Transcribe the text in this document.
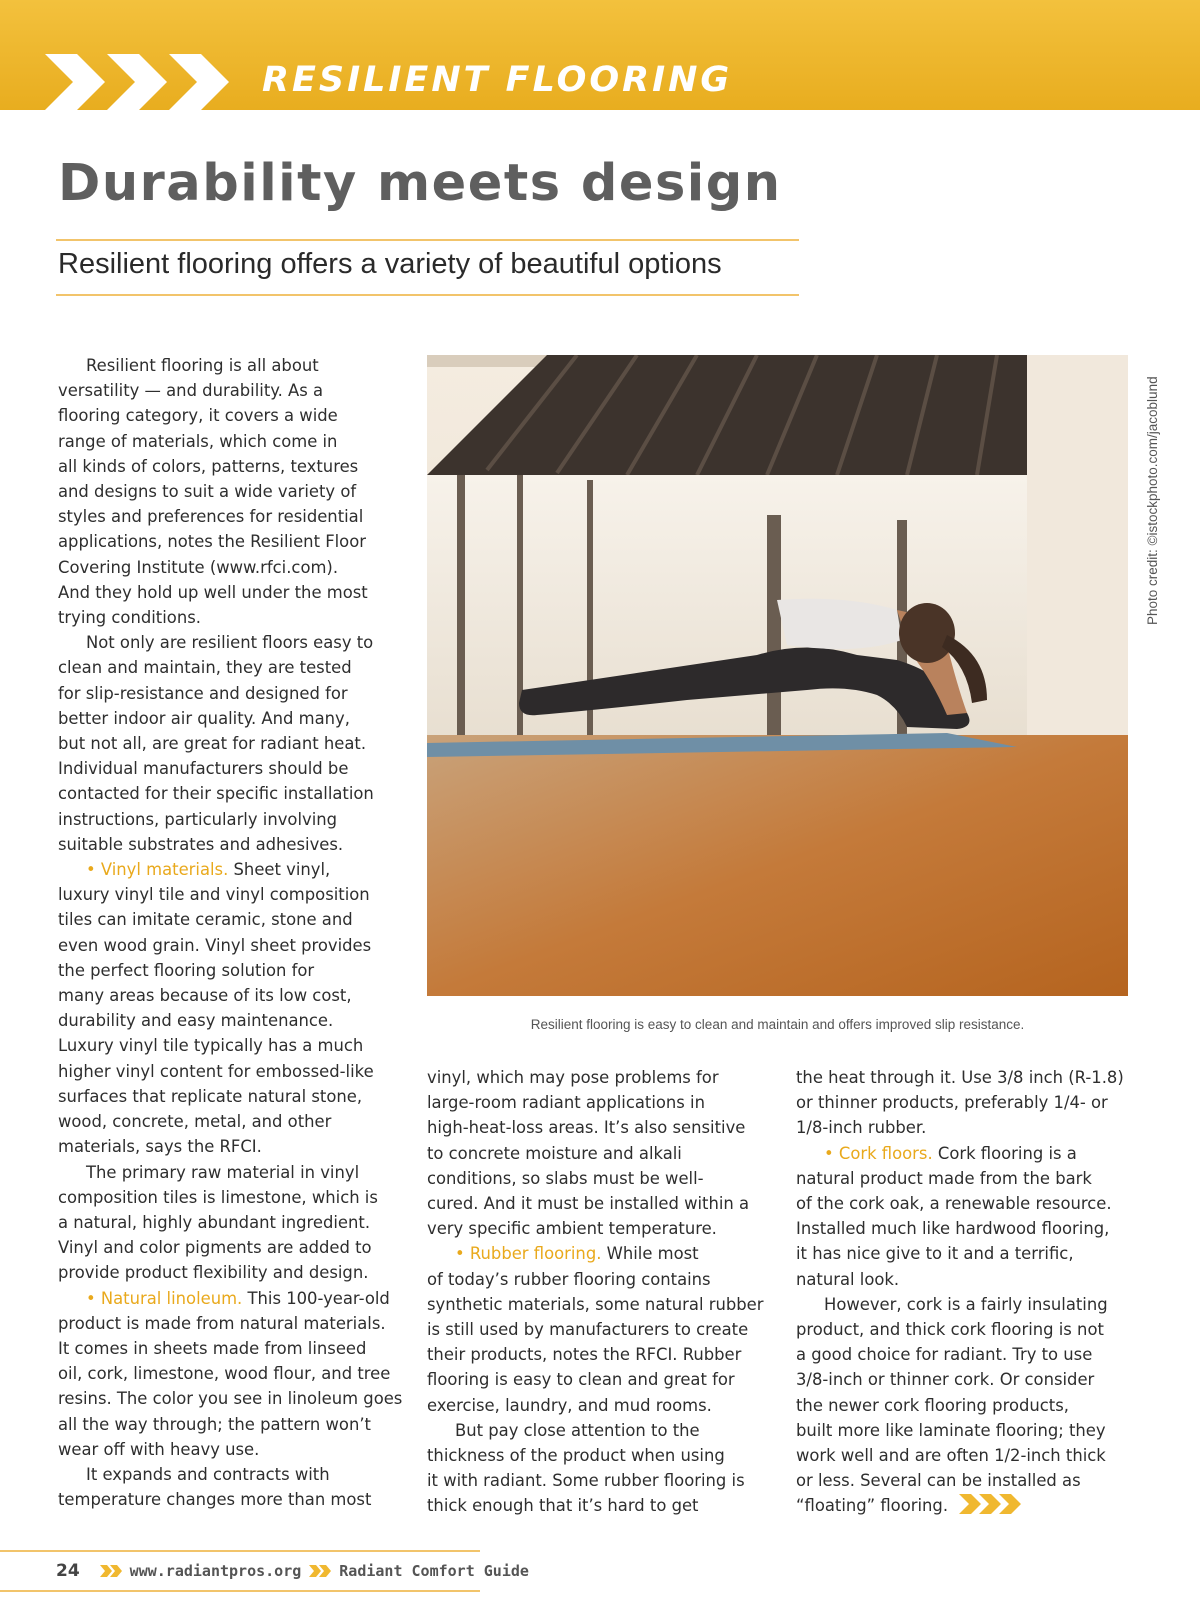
RESILIENT FLOORING
Durability meets design
Resilient flooring offers a variety of beautiful options
Resilient flooring is all about
versatility — and durability. As a
flooring category, it covers a wide
range of materials, which come in
all kinds of colors, patterns, textures
and designs to suit a wide variety of
styles and preferences for residential
applications, notes the Resilient Floor
Covering Institute (www.rfci.com).
And they hold up well under the most
trying conditions.
Not only are resilient floors easy to
clean and maintain, they are tested
for slip-resistance and designed for
better indoor air quality. And many,
but not all, are great for radiant heat.
Individual manufacturers should be
contacted for their specific installation
instructions, particularly involving
suitable substrates and adhesives.
• Vinyl materials. Sheet vinyl,
luxury vinyl tile and vinyl composition
tiles can imitate ceramic, stone and
even wood grain. Vinyl sheet provides
the perfect flooring solution for
many areas because of its low cost,
durability and easy maintenance.
Luxury vinyl tile typically has a much
higher vinyl content for embossed-like
surfaces that replicate natural stone,
wood, concrete, metal, and other
materials, says the RFCI.
The primary raw material in vinyl
composition tiles is limestone, which is
a natural, highly abundant ingredient.
Vinyl and color pigments are added to
provide product flexibility and design.
• Natural linoleum. This 100-year-old
product is made from natural materials.
It comes in sheets made from linseed
oil, cork, limestone, wood flour, and tree
resins. The color you see in linoleum goes
all the way through; the pattern won’t
wear off with heavy use.
It expands and contracts with
temperature changes more than most
Photo credit: ©istockphoto.com/jacoblund
Resilient flooring is easy to clean and maintain and offers improved slip resistance.
vinyl, which may pose problems for
large-room radiant applications in
high-heat-loss areas. It’s also sensitive
to concrete moisture and alkali
conditions, so slabs must be well-
cured. And it must be installed within a
very specific ambient temperature.
• Rubber flooring. While most
of today’s rubber flooring contains
synthetic materials, some natural rubber
is still used by manufacturers to create
their products, notes the RFCI. Rubber
flooring is easy to clean and great for
exercise, laundry, and mud rooms.
But pay close attention to the
thickness of the product when using
it with radiant. Some rubber flooring is
thick enough that it’s hard to get
the heat through it. Use 3/8 inch (R-1.8)
or thinner products, preferably 1/4- or
1/8-inch rubber.
• Cork floors. Cork flooring is a
natural product made from the bark
of the cork oak, a renewable resource.
Installed much like hardwood flooring,
it has nice give to it and a terrific,
natural look.
However, cork is a fairly insulating
product, and thick cork flooring is not
a good choice for radiant. Try to use
3/8-inch or thinner cork. Or consider
the newer cork flooring products,
built more like laminate flooring; they
work well and are often 1/2-inch thick
or less. Several can be installed as
“floating” flooring.
24	www.radiantpros.org	Radiant Comfort Guide
